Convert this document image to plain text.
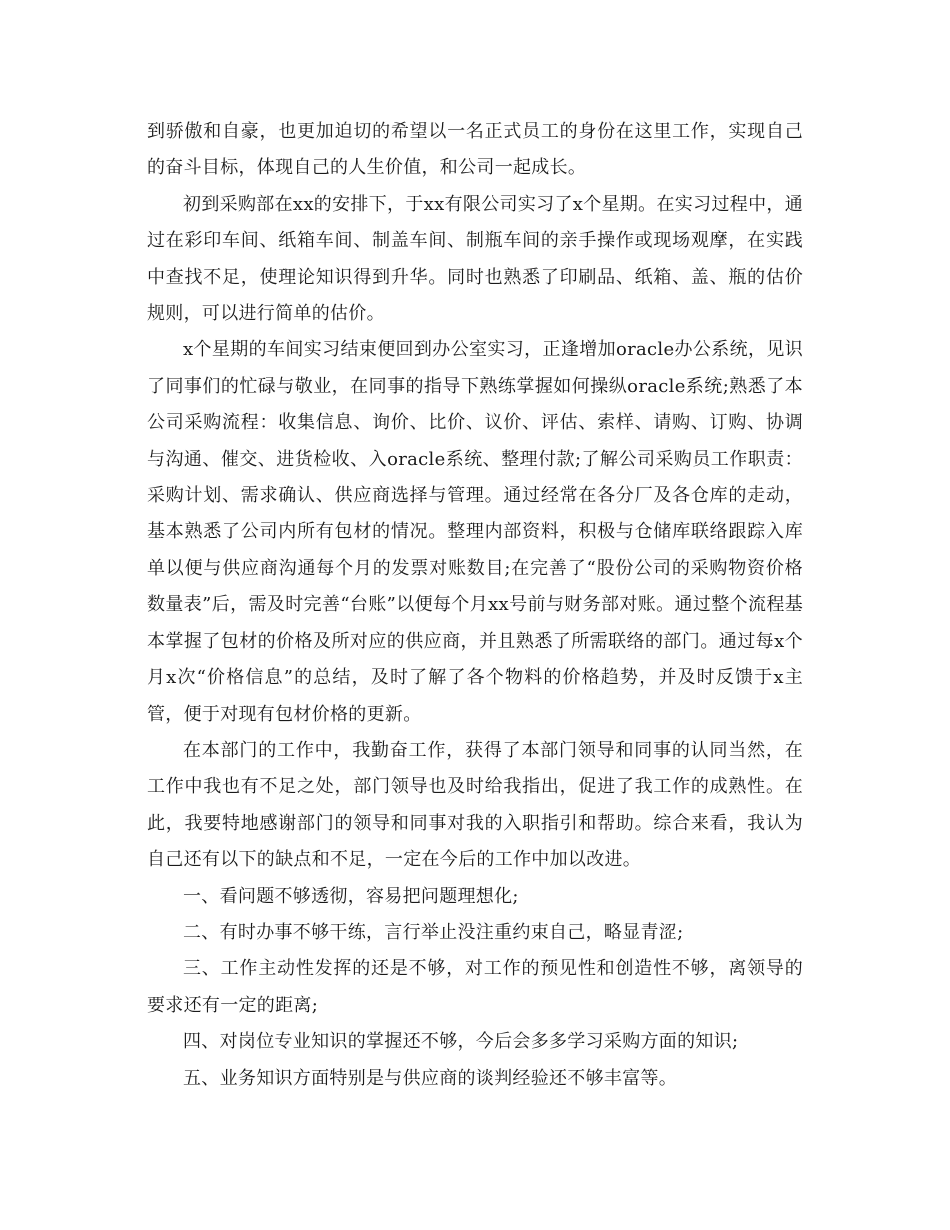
到骄傲和自豪，也更加迫切的希望以一名正式员工的身份在这里工作，实现自己的奋斗目标，体现自己的人生价值，和公司一起成长。

初到采购部在xx的安排下，于xx有限公司实习了x个星期。在实习过程中，通过在彩印车间、纸箱车间、制盖车间、制瓶车间的亲手操作或现场观摩，在实践中查找不足，使理论知识得到升华。同时也熟悉了印刷品、纸箱、盖、瓶的估价规则，可以进行简单的估价。

x个星期的车间实习结束便回到办公室实习，正逢增加oracle办公系统，见识了同事们的忙碌与敬业，在同事的指导下熟练掌握如何操纵oracle系统;熟悉了本公司采购流程：收集信息、询价、比价、议价、评估、索样、请购、订购、协调与沟通、催交、进货检收、入oracle系统、整理付款;了解公司采购员工作职责：采购计划、需求确认、供应商选择与管理。通过经常在各分厂及各仓库的走动，基本熟悉了公司内所有包材的情况。整理内部资料，积极与仓储库联络跟踪入库单以便与供应商沟通每个月的发票对账数目;在完善了“股份公司的采购物资价格数量表”后，需及时完善“台账”以便每个月xx号前与财务部对账。通过整个流程基本掌握了包材的价格及所对应的供应商，并且熟悉了所需联络的部门。通过每x个月x次“价格信息”的总结，及时了解了各个物料的价格趋势，并及时反馈于x主管，便于对现有包材价格的更新。

在本部门的工作中，我勤奋工作，获得了本部门领导和同事的认同当然，在工作中我也有不足之处，部门领导也及时给我指出，促进了我工作的成熟性。在此，我要特地感谢部门的领导和同事对我的入职指引和帮助。综合来看，我认为自己还有以下的缺点和不足，一定在今后的工作中加以改进。

一、看问题不够透彻，容易把问题理想化;

二、有时办事不够干练，言行举止没注重约束自己，略显青涩;

三、工作主动性发挥的还是不够，对工作的预见性和创造性不够，离领导的要求还有一定的距离;

四、对岗位专业知识的掌握还不够，今后会多多学习采购方面的知识;

五、业务知识方面特别是与供应商的谈判经验还不够丰富等。
